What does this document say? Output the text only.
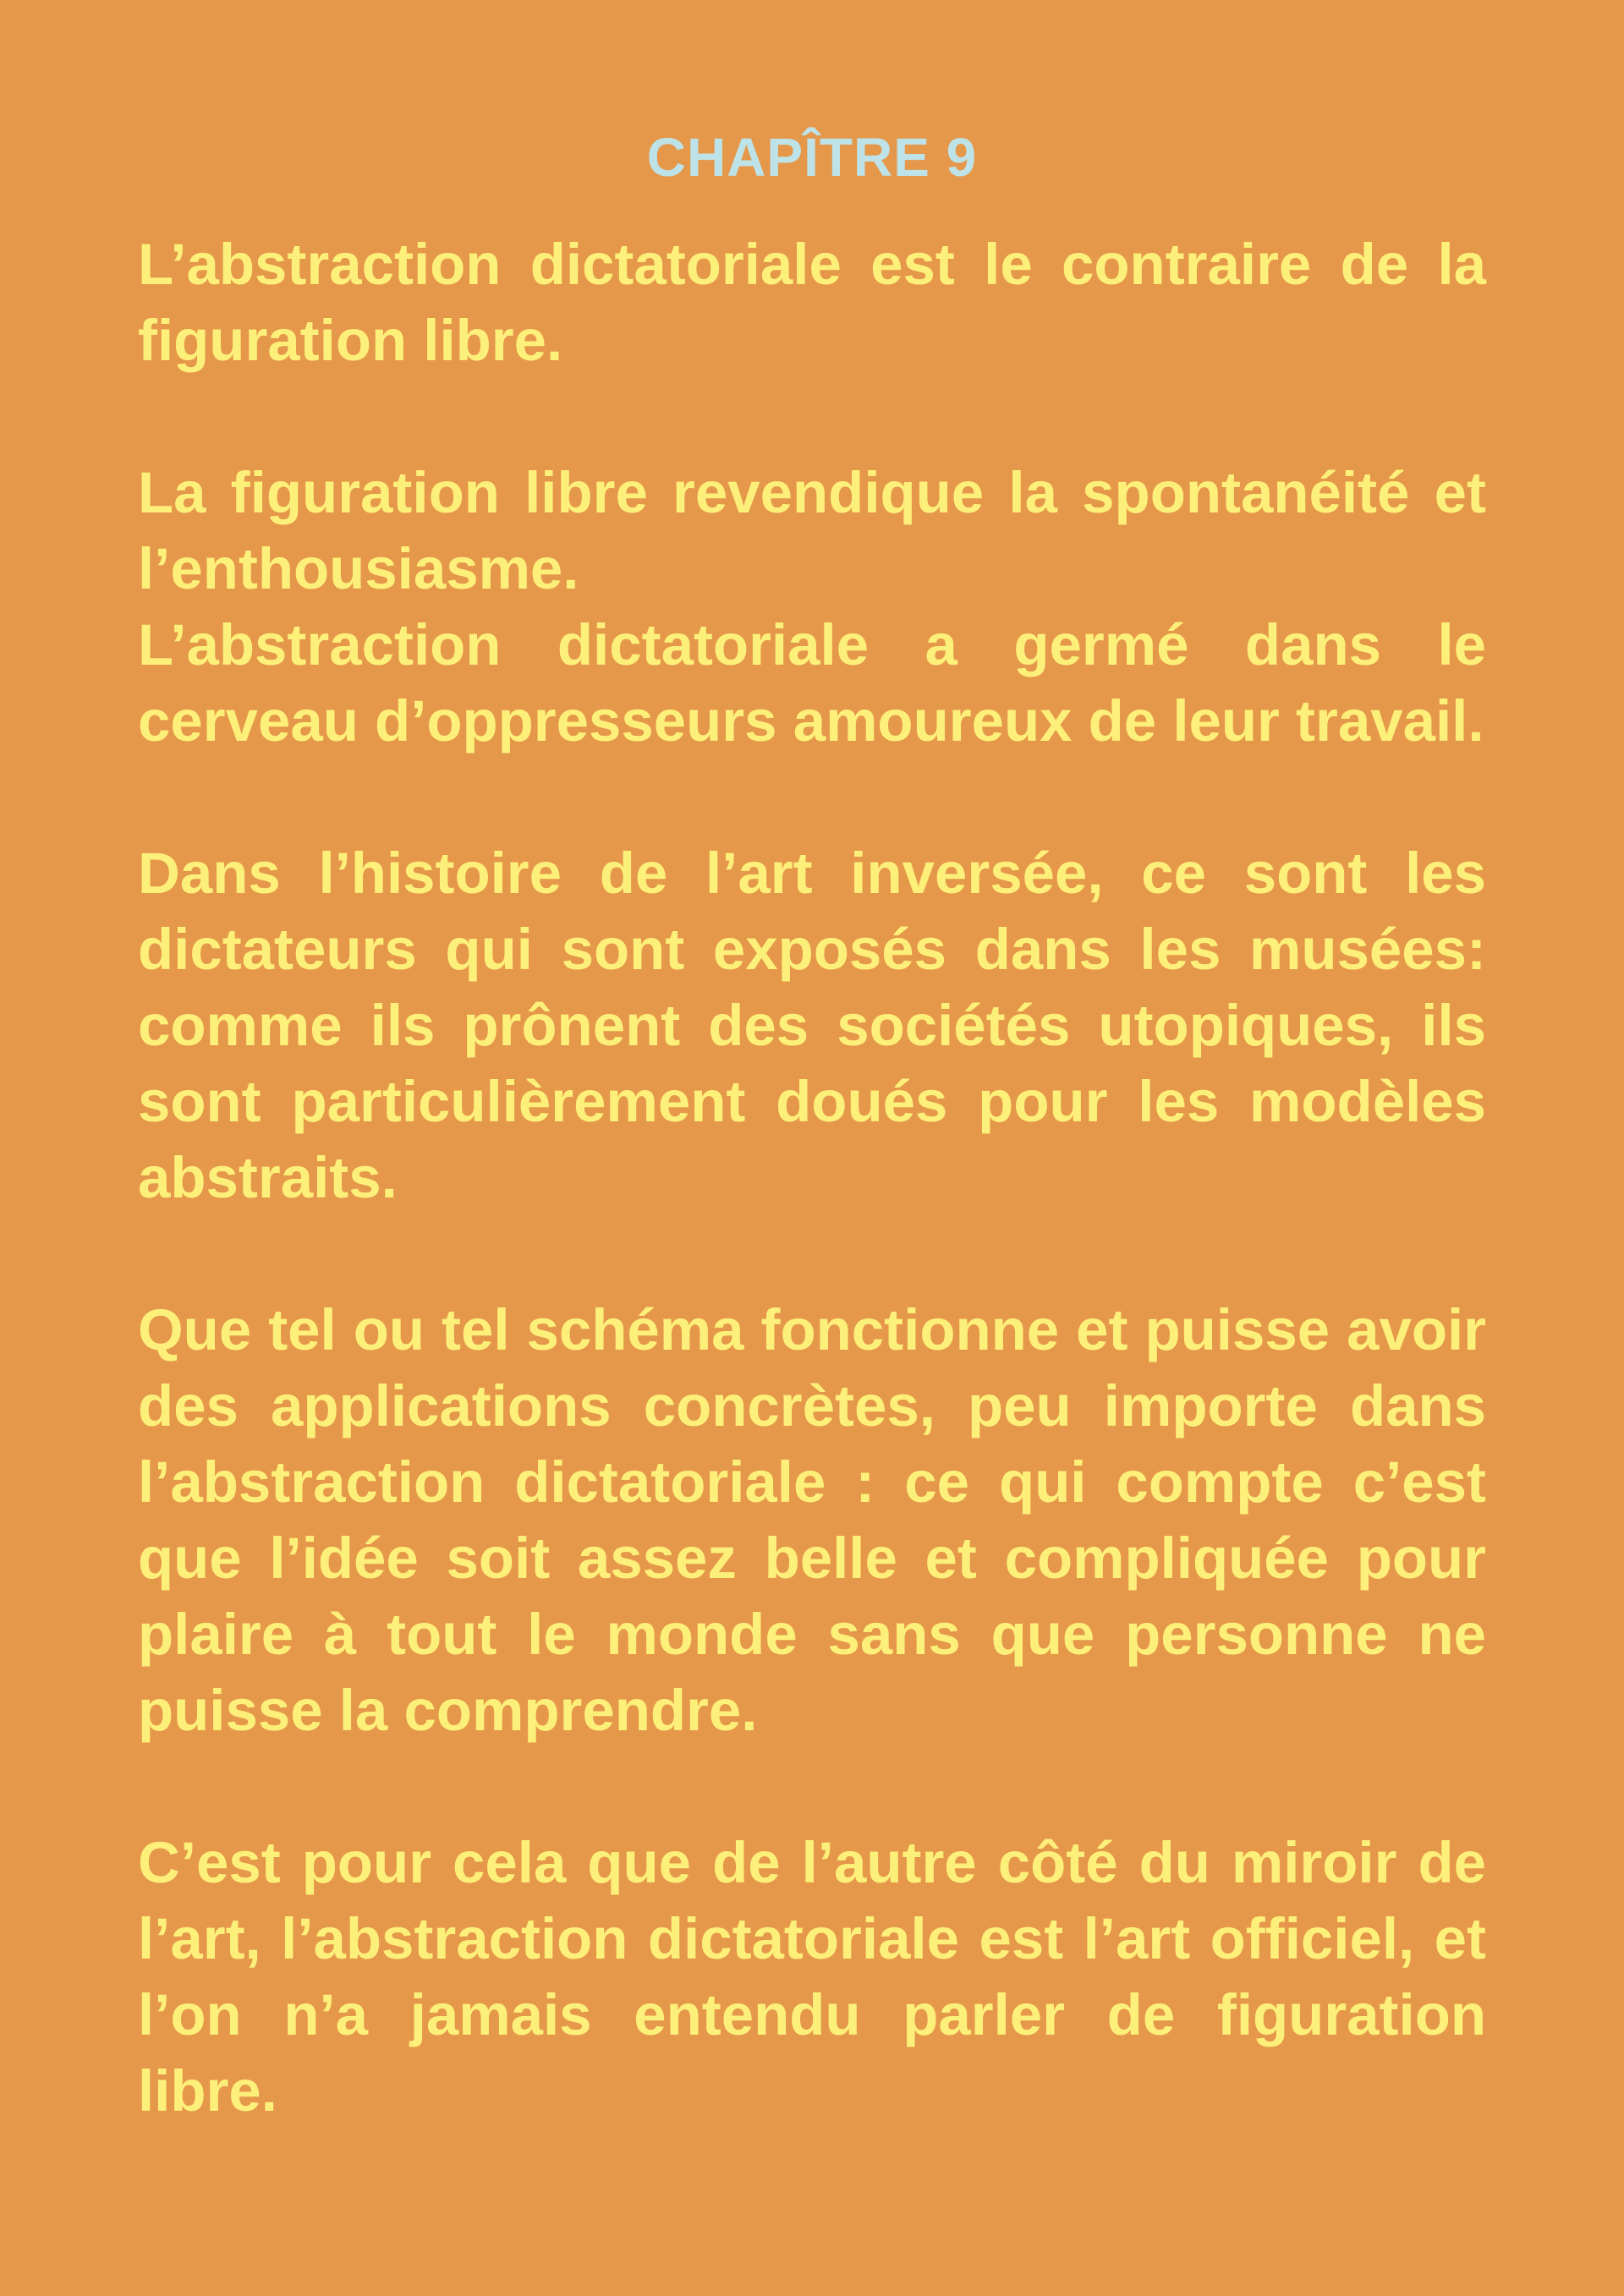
CHAPÎTRE 9

L’abstraction dictatoriale est le contraire de la figuration libre.

La figuration libre revendique la spontanéité et l’enthousiasme.

L’abstraction dictatoriale a germé dans le cerveau d’oppresseurs amoureux de leur travail.

Dans l’histoire de l’art inversée, ce sont les dictateurs qui sont exposés dans les musées: comme ils prônent des sociétés utopiques, ils sont particulièrement doués pour les modèles abstraits.

Que tel ou tel schéma fonctionne et puisse avoir des applications concrètes, peu importe dans l’abstraction dictatoriale : ce qui compte c’est que l’idée soit assez belle et compliquée pour plaire à tout le monde sans que personne ne puisse la comprendre.

C’est pour cela que de l’autre côté du miroir de l’art, l’abstraction dictatoriale est l’art officiel, et l’on n’a jamais entendu parler de figuration libre.
